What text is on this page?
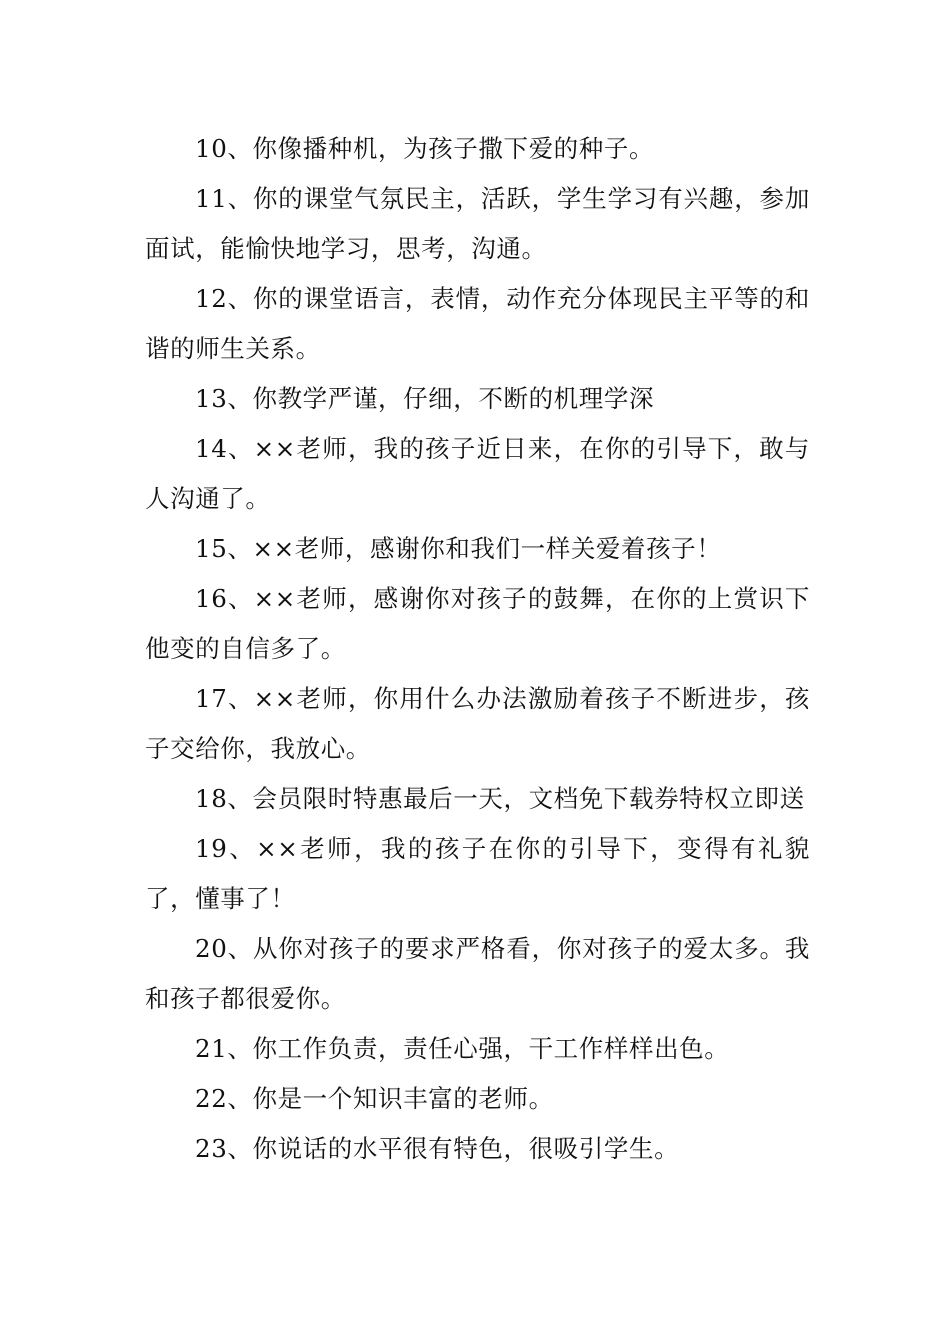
10、你像播种机，为孩子撒下爱的种子。

11、你的课堂气氛民主，活跃，学生学习有兴趣，参加面试，能愉快地学习，思考，沟通。

12、你的课堂语言，表情，动作充分体现民主平等的和谐的师生关系。

13、你教学严谨，仔细，不断的机理学深

14、××老师，我的孩子近日来，在你的引导下，敢与人沟通了。

15、××老师，感谢你和我们一样关爱着孩子！

16、××老师，感谢你对孩子的鼓舞，在你的上赏识下他变的自信多了。

17、××老师，你用什么办法激励着孩子不断进步，孩子交给你，我放心。

18、会员限时特惠最后一天，文档免下载券特权立即送

19、××老师，我的孩子在你的引导下，变得有礼貌了，懂事了！

20、从你对孩子的要求严格看，你对孩子的爱太多。我和孩子都很爱你。

21、你工作负责，责任心强，干工作样样出色。

22、你是一个知识丰富的老师。

23、你说话的水平很有特色，很吸引学生。
